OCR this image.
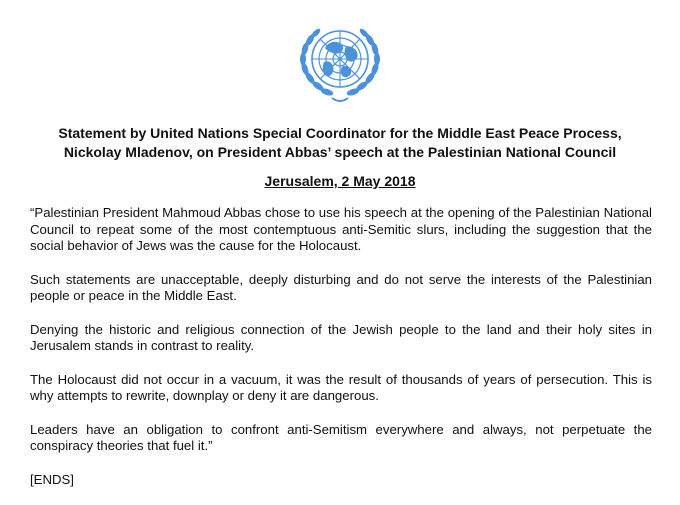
Statement by United Nations Special Coordinator for the Middle East Peace Process,
Nickolay Mladenov, on President Abbas’ speech at the Palestinian National Council
Jerusalem, 2 May 2018

“Palestinian President Mahmoud Abbas chose to use his speech at the opening of the Palestinian National Council to repeat some of the most contemptuous anti-Semitic slurs, including the suggestion that the social behavior of Jews was the cause for the Holocaust.

Such statements are unacceptable, deeply disturbing and do not serve the interests of the Palestinian people or peace in the Middle East.

Denying the historic and religious connection of the Jewish people to the land and their holy sites in Jerusalem stands in contrast to reality.

The Holocaust did not occur in a vacuum, it was the result of thousands of years of persecution. This is why attempts to rewrite, downplay or deny it are dangerous.

Leaders have an obligation to confront anti-Semitism everywhere and always, not perpetuate the conspiracy theories that fuel it.”

[ENDS]
